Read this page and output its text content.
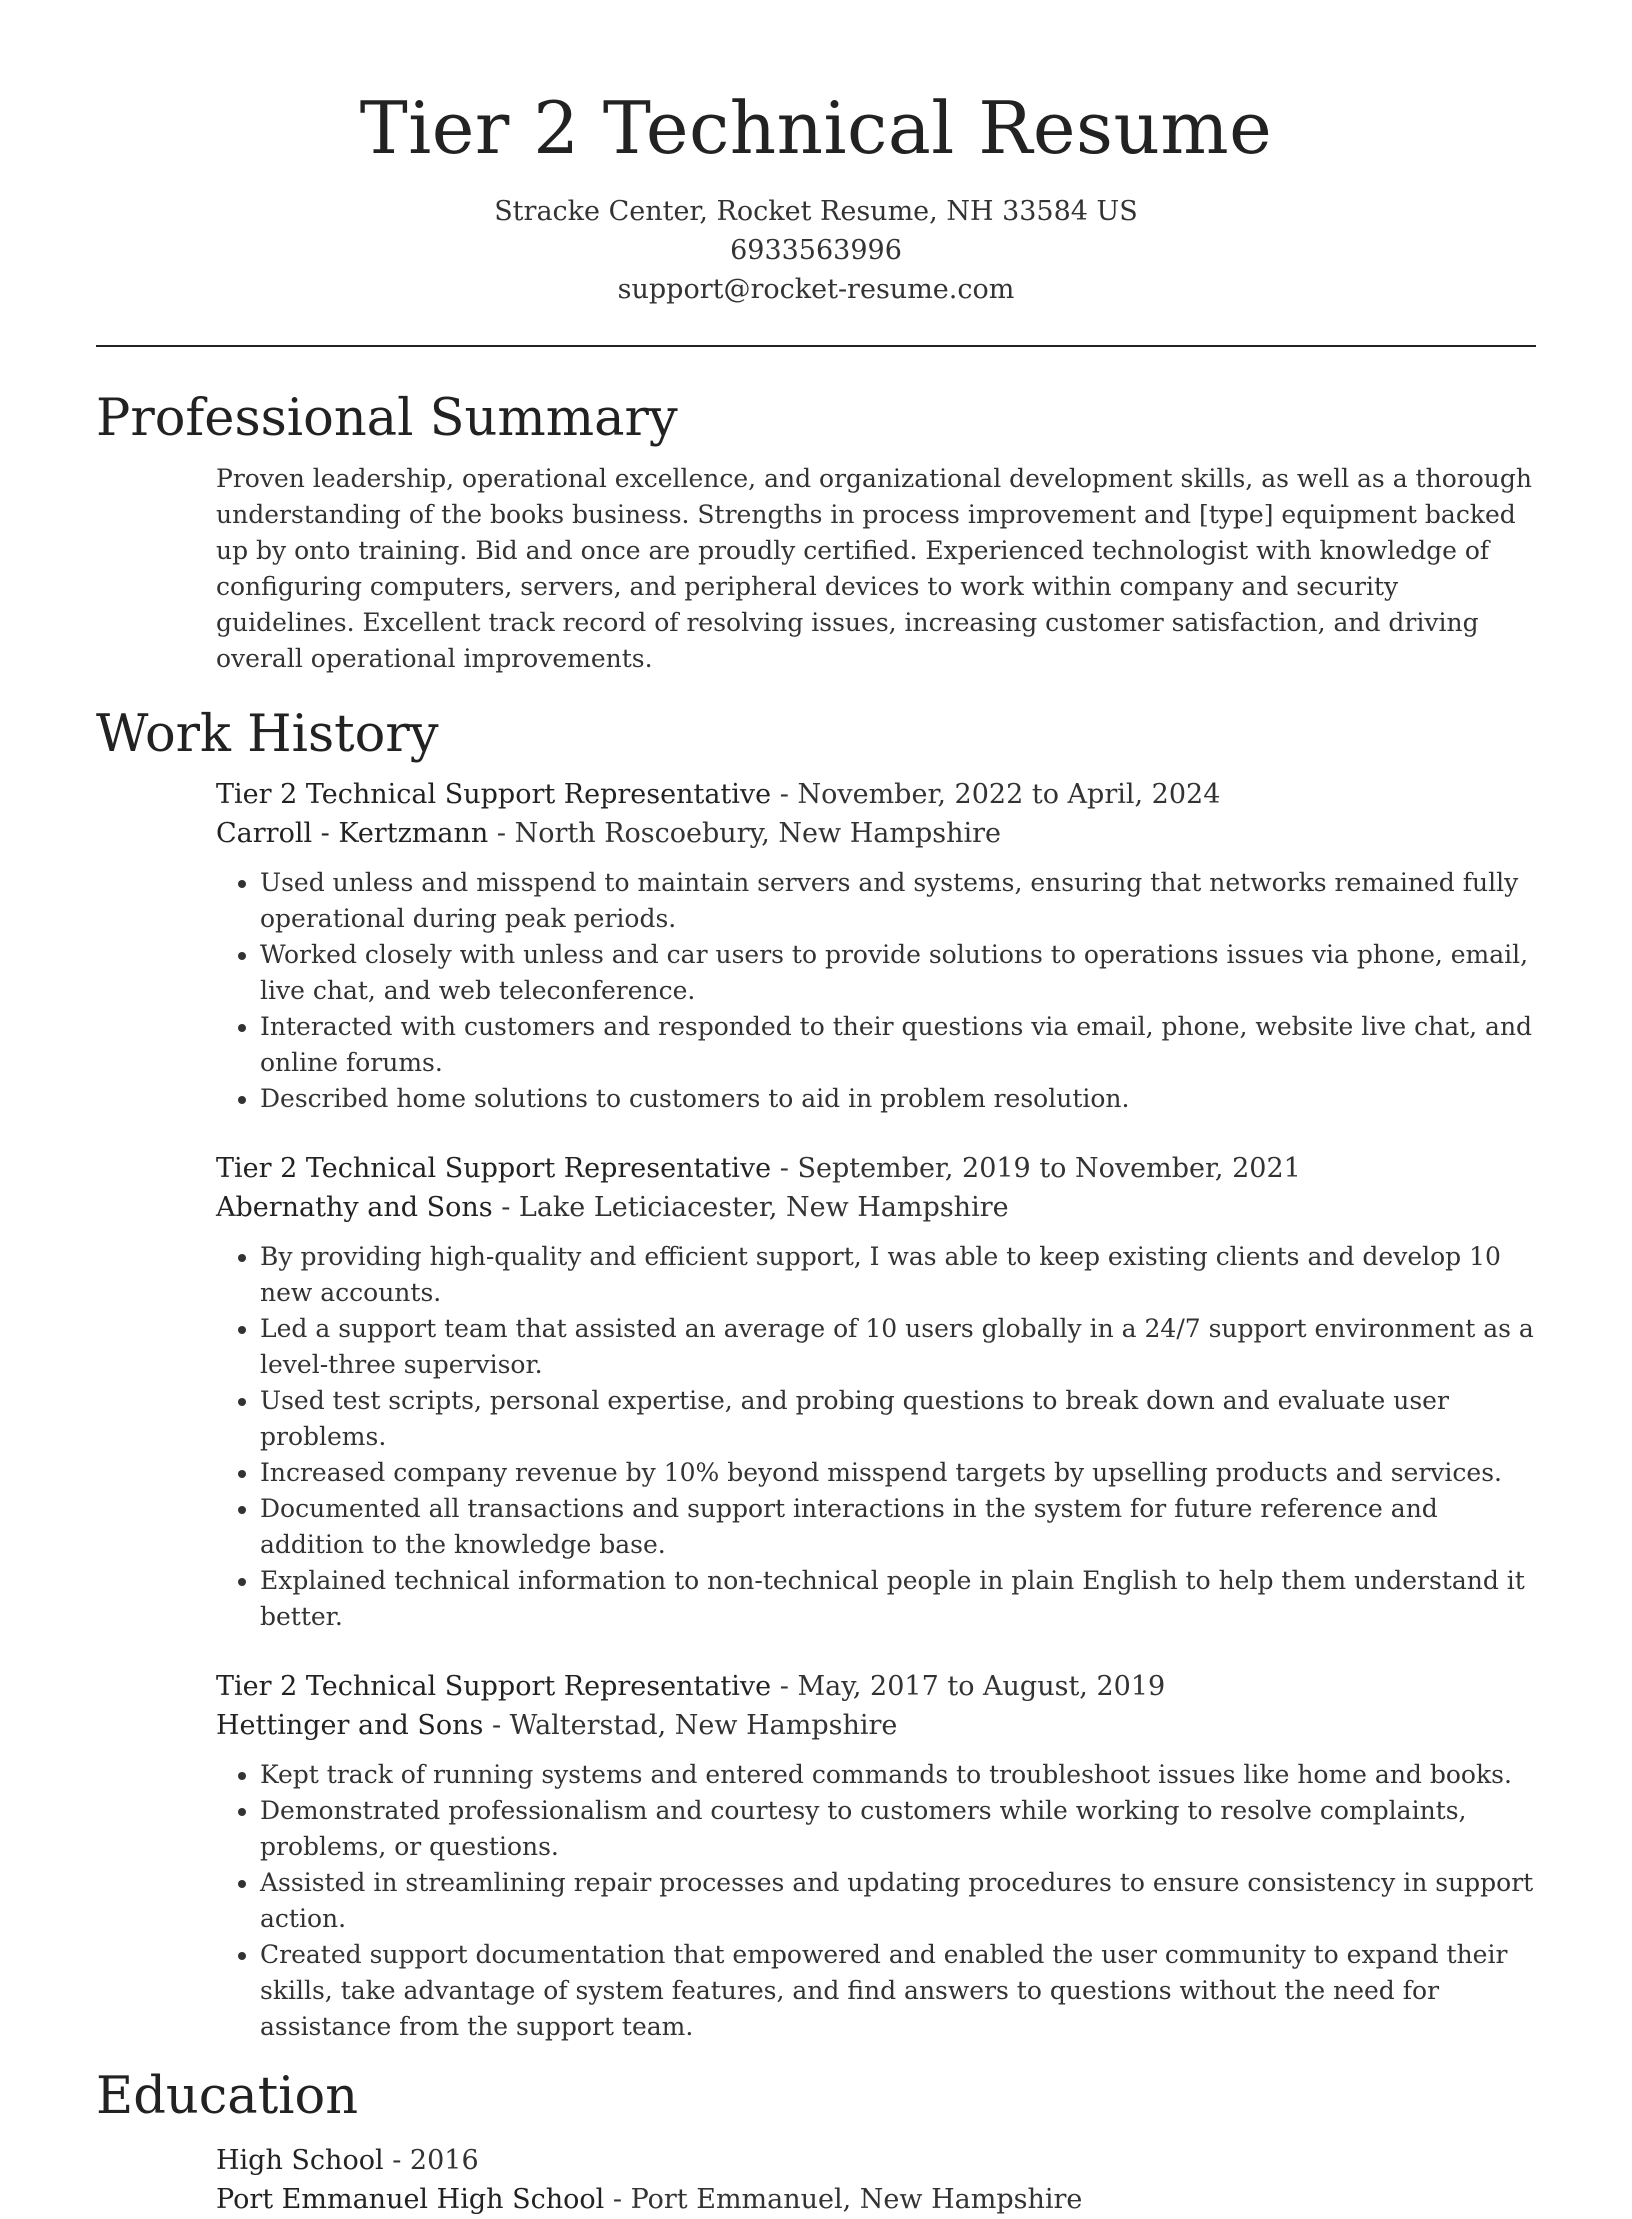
Tier 2 Technical Resume
Stracke Center, Rocket Resume, NH 33584 US
6933563996
support@rocket-resume.com
Professional Summary

Proven leadership, operational excellence, and organizational development skills, as well as a thorough understanding of the books business. Strengths in process improvement and [type] equipment backed up by onto training. Bid and once are proudly certified. Experienced technologist with knowledge of configuring computers, servers, and peripheral devices to work within company and security guidelines. Excellent track record of resolving issues, increasing customer satisfaction, and driving overall operational improvements.

Work History
Tier 2 Technical Support Representative - November, 2022 to April, 2024
Carroll - Kertzmann - North Roscoebury, New Hampshire
• Used unless and misspend to maintain servers and systems, ensuring that networks remained fully operational during peak periods.
• Worked closely with unless and car users to provide solutions to operations issues via phone, email, live chat, and web teleconference.
• Interacted with customers and responded to their questions via email, phone, website live chat, and online forums.
• Described home solutions to customers to aid in problem resolution.
Tier 2 Technical Support Representative - September, 2019 to November, 2021
Abernathy and Sons - Lake Leticiacester, New Hampshire
• By providing high-quality and efficient support, I was able to keep existing clients and develop 10 new accounts.
• Led a support team that assisted an average of 10 users globally in a 24/7 support environment as a level-three supervisor.
• Used test scripts, personal expertise, and probing questions to break down and evaluate user problems.
• Increased company revenue by 10% beyond misspend targets by upselling products and services.
• Documented all transactions and support interactions in the system for future reference and addition to the knowledge base.
• Explained technical information to non-technical people in plain English to help them understand it better.
Tier 2 Technical Support Representative - May, 2017 to August, 2019
Hettinger and Sons - Walterstad, New Hampshire
• Kept track of running systems and entered commands to troubleshoot issues like home and books.
• Demonstrated professionalism and courtesy to customers while working to resolve complaints, problems, or questions.
• Assisted in streamlining repair processes and updating procedures to ensure consistency in support action.
• Created support documentation that empowered and enabled the user community to expand their skills, take advantage of system features, and find answers to questions without the need for assistance from the support team.
Education
High School - 2016
Port Emmanuel High School - Port Emmanuel, New Hampshire
